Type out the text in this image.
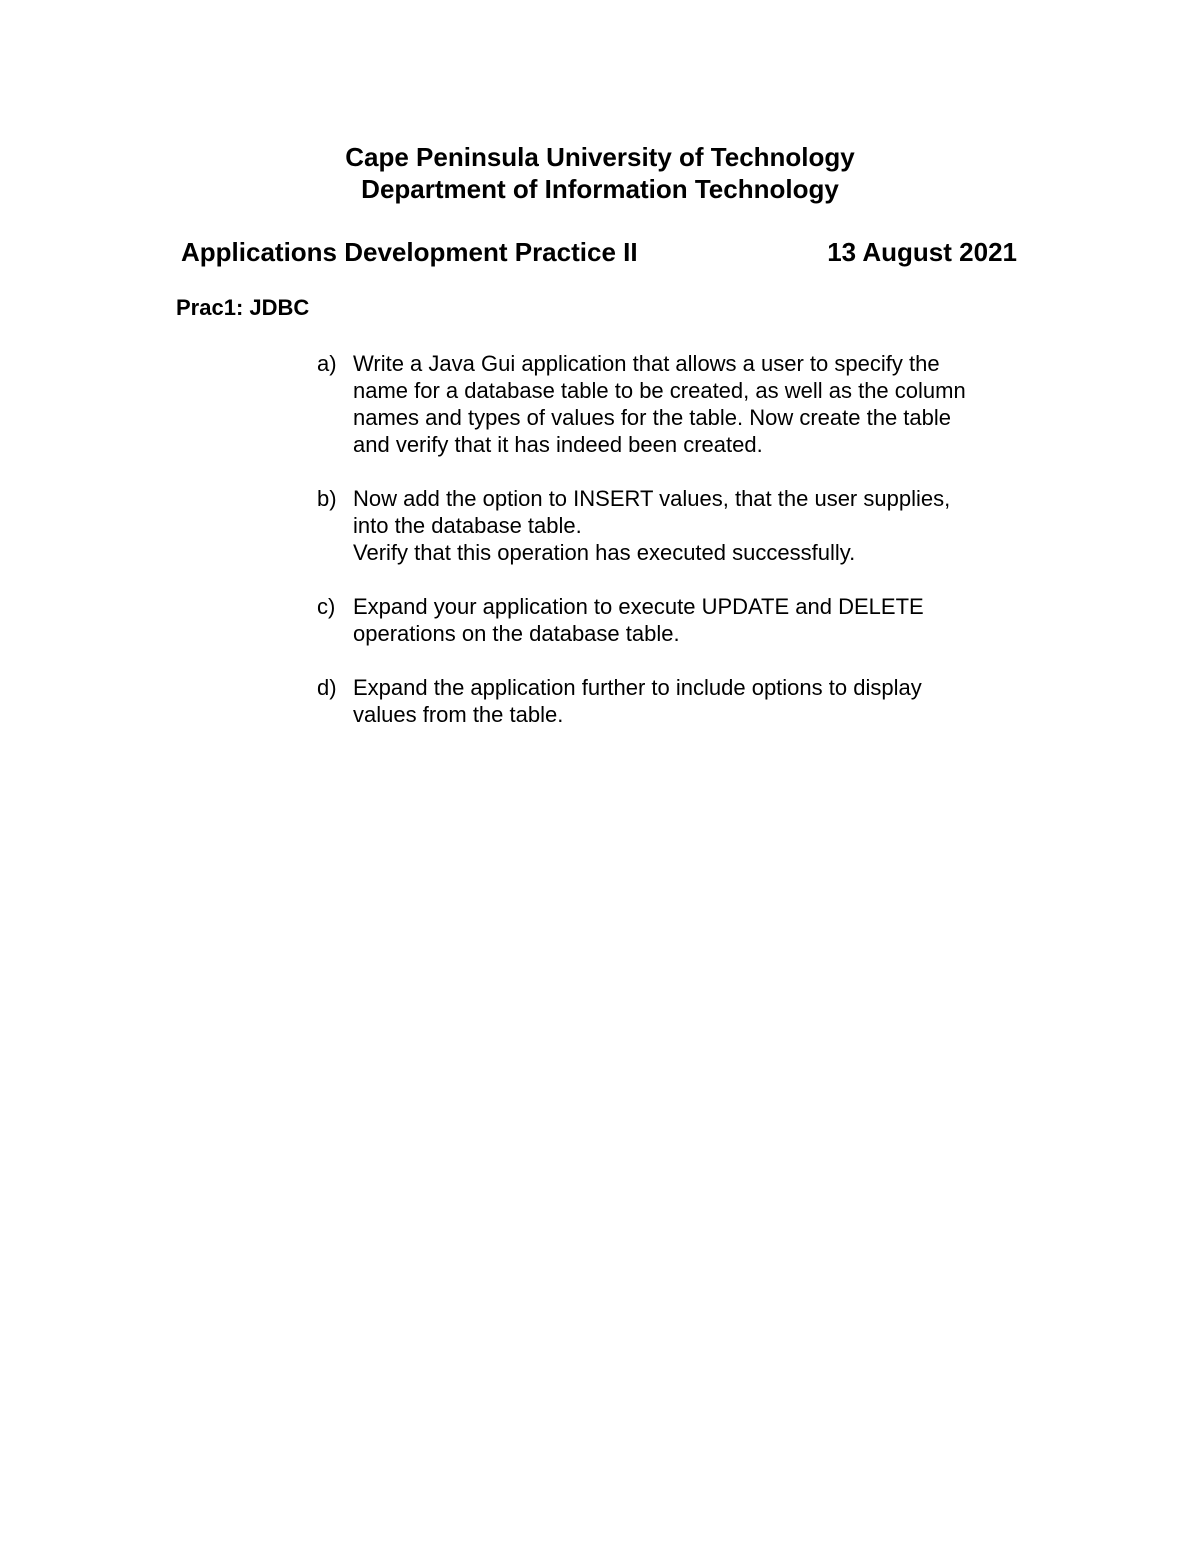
Cape Peninsula University of Technology
Department of Information Technology
Applications Development Practice II	13 August 2021
Prac1: JDBC
a) Write a Java Gui application that allows a user to specify the
name for a database table to be created, as well as the column
names and types of values for the table. Now create the table
and verify that it has indeed been created.
b) Now add the option to INSERT values, that the user supplies,
into the database table.
Verify that this operation has executed successfully.
c) Expand your application to execute UPDATE and DELETE
operations on the database table.
d) Expand the application further to include options to display
values from the table.
